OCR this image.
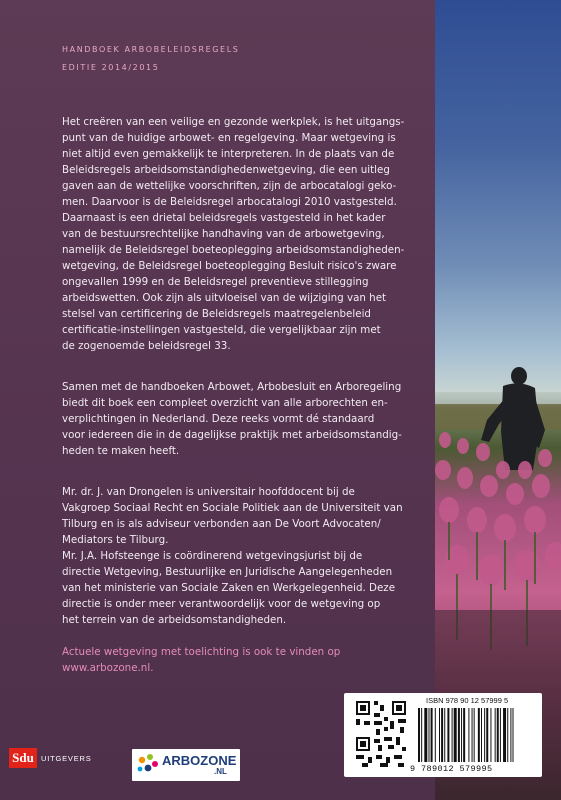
HANDBOEK ARBOBELEIDSREGELS

EDITIE 2014/2015

Het creëren van een veilige en gezonde werkplek, is het uitgangs-

punt van de huidige arbowet- en regelgeving. Maar wetgeving is

niet altijd even gemakkelijk te interpreteren. In de plaats van de

Beleidsregels arbeidsomstandighedenwetgeving, die een uitleg

gaven aan de wettelijke voorschriften, zijn de arbocatalogi geko-

men. Daarvoor is de Beleidsregel arbocatalogi 2010 vastgesteld.

Daarnaast is een drietal beleidsregels vastgesteld in het kader

van de bestuursrechtelijke handhaving van de arbowetgeving,

namelijk de Beleidsregel boeteoplegging arbeidsomstandigheden-

wetgeving, de Beleidsregel boeteoplegging Besluit risico's zware

ongevallen 1999 en de Beleidsregel preventieve stillegging

arbeidswetten. Ook zijn als uitvloeisel van de wijziging van het

stelsel van certificering de Beleidsregels maatregelenbeleid

certificatie-instellingen vastgesteld, die vergelijkbaar zijn met

de zogenoemde beleidsregel 33.

Samen met de handboeken Arbowet, Arbobesluit en Arboregeling

biedt dit boek een compleet overzicht van alle arborechten en-

verplichtingen in Nederland. Deze reeks vormt dé standaard

voor iedereen die in de dagelijkse praktijk met arbeidsomstandig-

heden te maken heeft.

Mr. dr. J. van Drongelen is universitair hoofddocent bij de

Vakgroep Sociaal Recht en Sociale Politiek aan de Universiteit van

Tilburg en is als adviseur verbonden aan De Voort Advocaten/

Mediators te Tilburg.

Mr. J.A. Hofsteenge is coördinerend wetgevingsjurist bij de

directie Wetgeving, Bestuurlijke en Juridische Aangelegenheden

van het ministerie van Sociale Zaken en Werkgelegenheid. Deze

directie is onder meer verantwoordelijk voor de wetgeving op

het terrein van de arbeidsomstandigheden.

Actuele wetgeving met toelichting is ook te vinden op

www.arbozone.nl.

ISBN 978 90 12 57999 5

9 789012 579995

Sdu UITGEVERS	ARBOZONE

.NL
